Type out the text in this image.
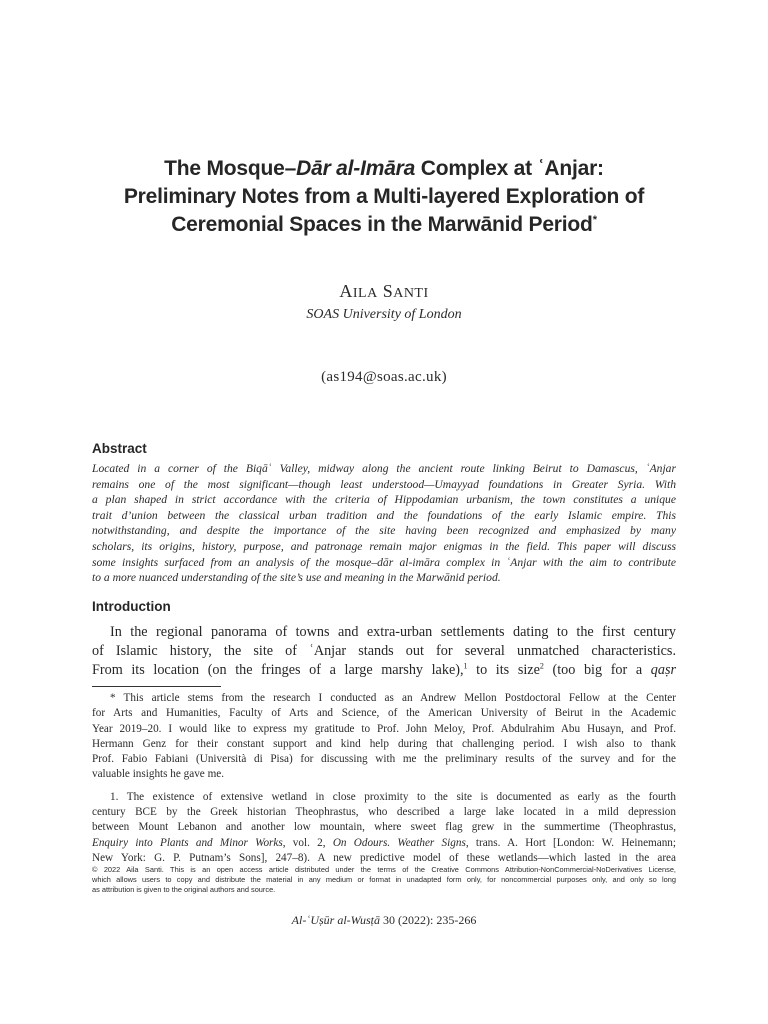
The Mosque–Dār al-Imāra Complex at ʿAnjar:
Preliminary Notes from a Multi-layered Exploration of
Ceremonial Spaces in the Marwānid Period*
AILA SANTI
SOAS University of London
(as194@soas.ac.uk)
Abstract
Located in a corner of the Biqāʿ Valley, midway along the ancient route linking Beirut to Damascus, ʿAnjar
remains one of the most significant—though least understood—Umayyad foundations in Greater Syria. With
a plan shaped in strict accordance with the criteria of Hippodamian urbanism, the town constitutes a unique
trait d’union between the classical urban tradition and the foundations of the early Islamic empire. This
notwithstanding, and despite the importance of the site having been recognized and emphasized by many
scholars, its origins, history, purpose, and patronage remain major enigmas in the field. This paper will discuss
some insights surfaced from an analysis of the mosque–dār al-imāra complex in ʿAnjar with the aim to contribute
to a more nuanced understanding of the site’s use and meaning in the Marwānid period.
Introduction
In the regional panorama of towns and extra-urban settlements dating to the first century
of Islamic history, the site of ʿAnjar stands out for several unmatched characteristics.
From its location (on the fringes of a large marshy lake),$^1$ to its size$^2$ (too big for a qaṣr
* This article stems from the research I conducted as an Andrew Mellon Postdoctoral Fellow at the Center
for Arts and Humanities, Faculty of Arts and Science, of the American University of Beirut in the Academic
Year 2019–20. I would like to express my gratitude to Prof. John Meloy, Prof. Abdulrahim Abu Husayn, and Prof.
Hermann Genz for their constant support and kind help during that challenging period. I wish also to thank
Prof. Fabio Fabiani (Università di Pisa) for discussing with me the preliminary results of the survey and for the
valuable insights he gave me.
1. The existence of extensive wetland in close proximity to the site is documented as early as the fourth
century BCE by the Greek historian Theophrastus, who described a large lake located in a mild depression
between Mount Lebanon and another low mountain, where sweet flag grew in the summertime (Theophrastus,
Enquiry into Plants and Minor Works, vol. 2, On Odours. Weather Signs, trans. A. Hort [London: W. Heinemann;
New York: G. P. Putnam’s Sons], 247–8). A new predictive model of these wetlands—which lasted in the area
© 2022 Aila Santi. This is an open access article distributed under the terms of the Creative Commons Attribution-NonCommercial-NoDerivatives License,
which allows users to copy and distribute the material in any medium or format in unadapted form only, for noncommercial purposes only, and only so long
as attribution is given to the original authors and source.
Al-ʿUṣūr al-Wusṭā 30 (2022): 235-266
